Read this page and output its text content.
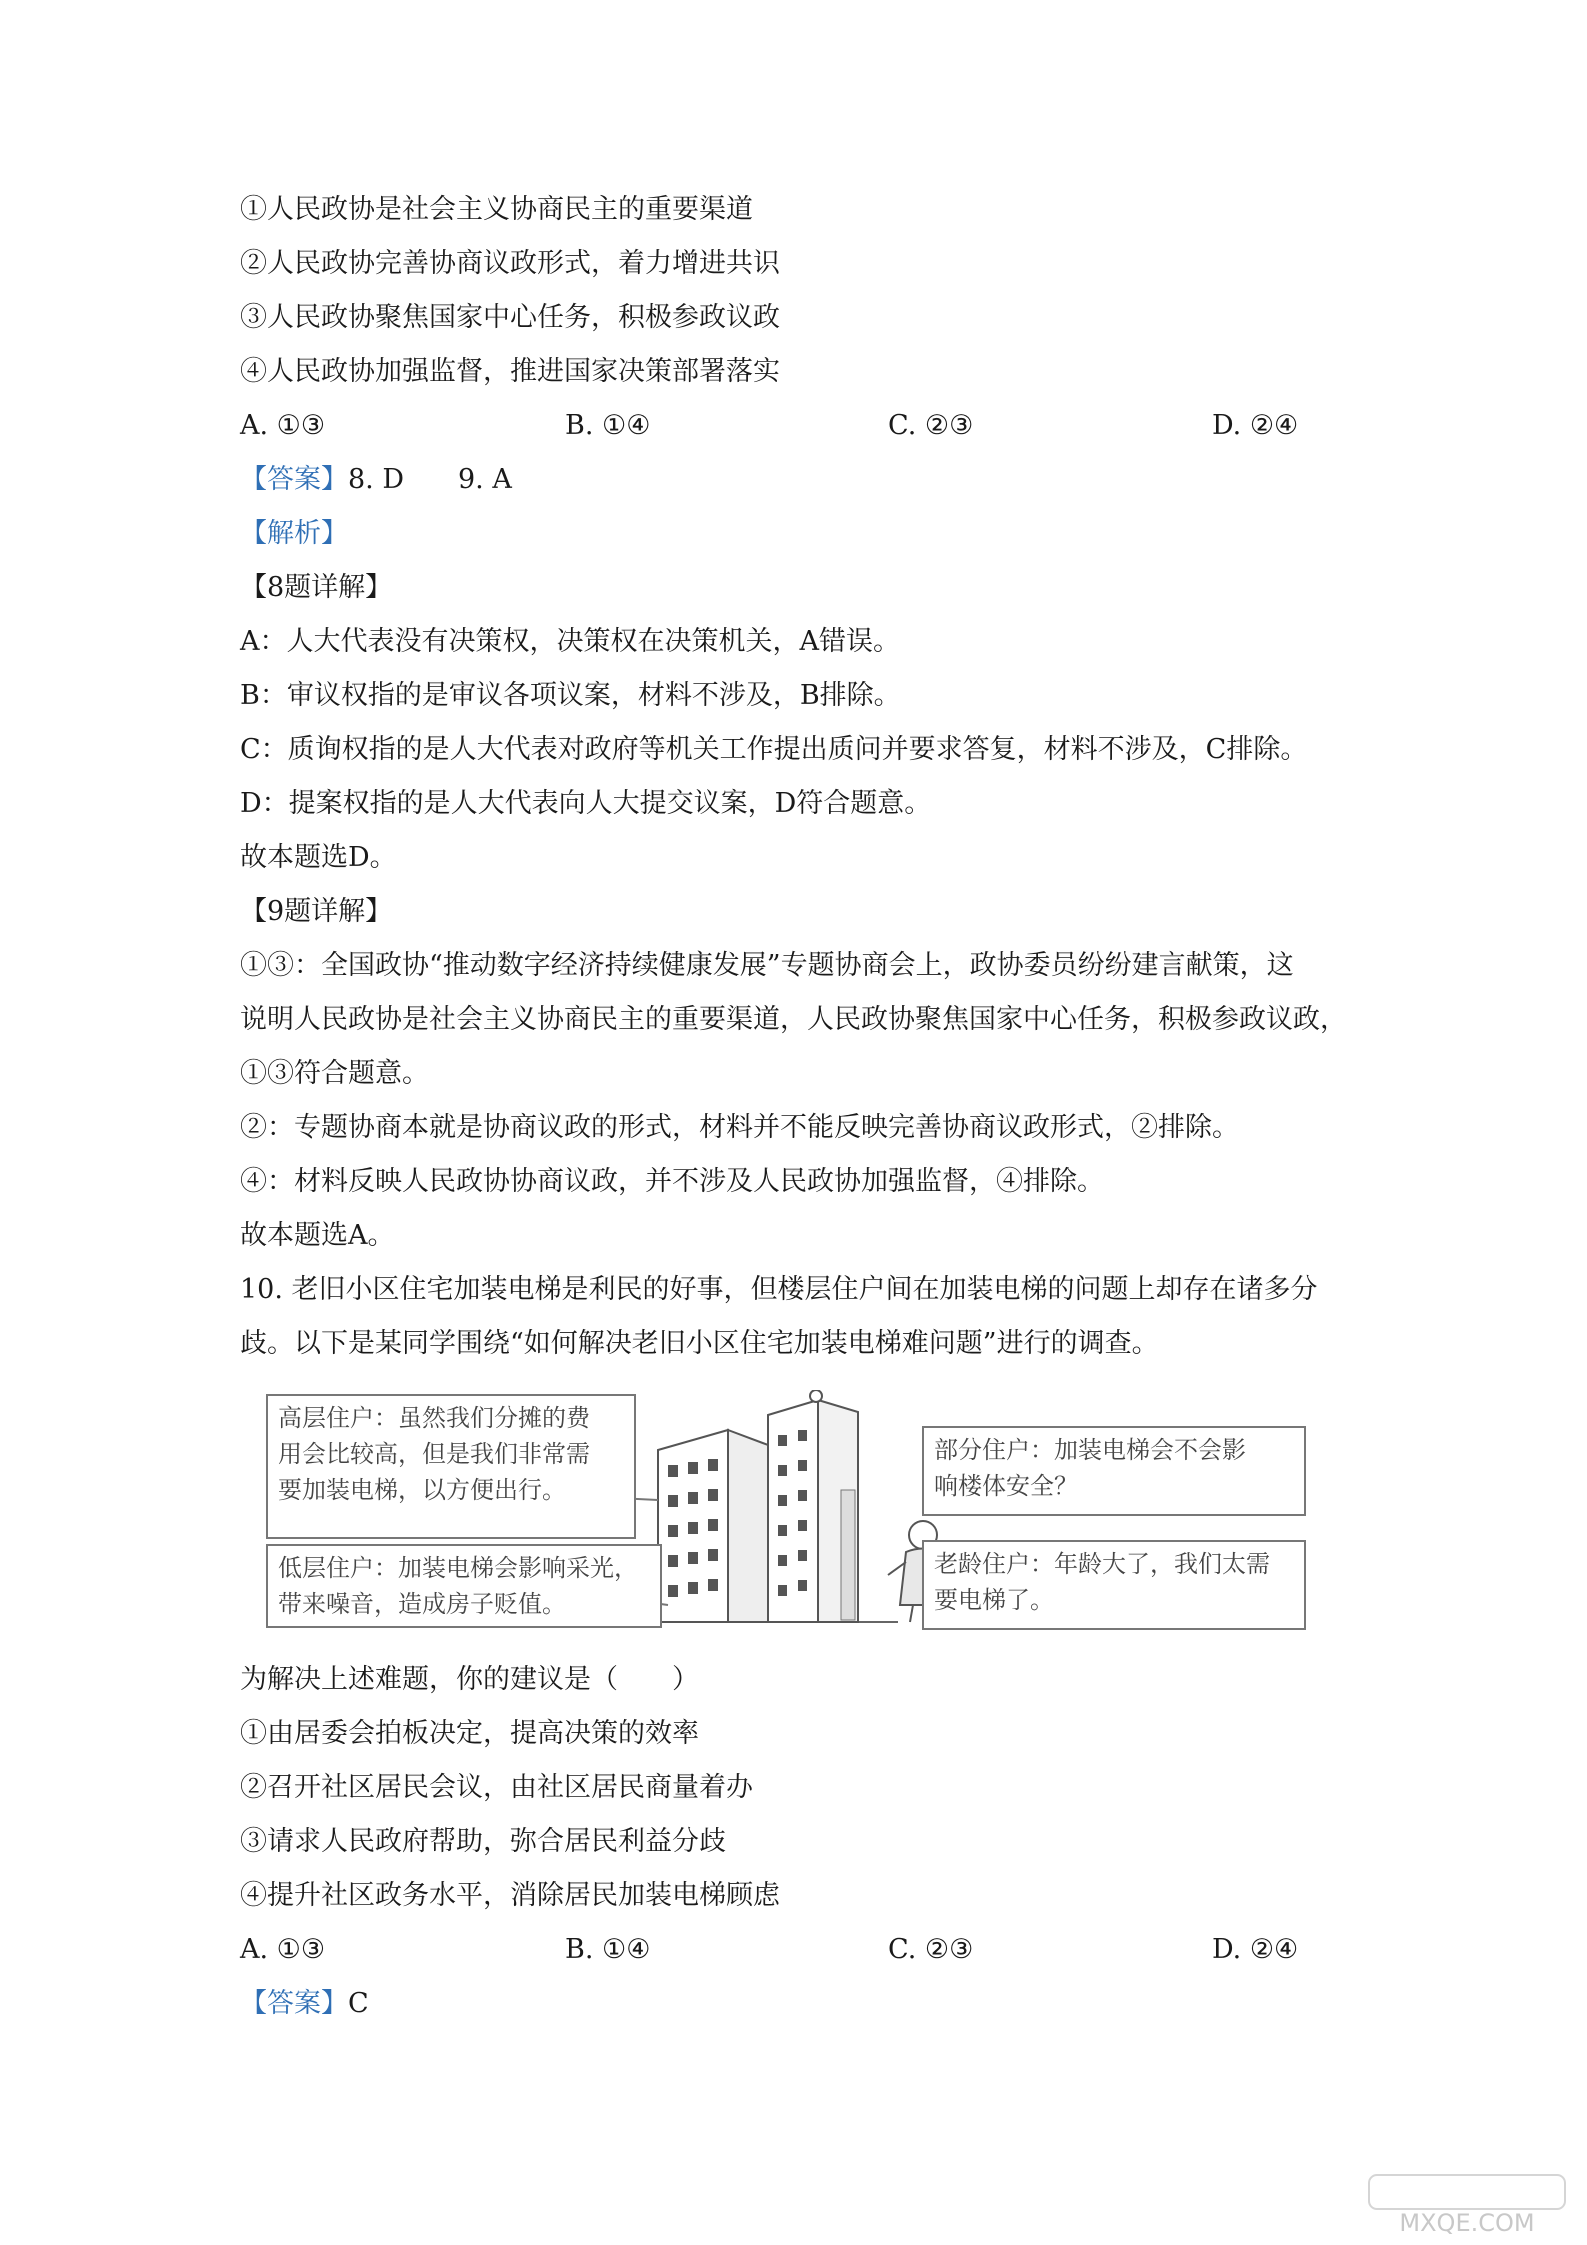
①人民政协是社会主义协商民主的重要渠道
②人民政协完善协商议政形式，着力增进共识
③人民政协聚焦国家中心任务，积极参政议政
④人民政协加强监督，推进国家决策部署落实
A. ①③	B. ①④	C. ②③	D. ②④
【答案】8. D　　9. A
【解析】
【8题详解】
A：人大代表没有决策权，决策权在决策机关，A错误。
B：审议权指的是审议各项议案，材料不涉及，B排除。
C：质询权指的是人大代表对政府等机关工作提出质问并要求答复，材料不涉及，C排除。
D：提案权指的是人大代表向人大提交议案，D符合题意。
故本题选D。
【9题详解】
①③：全国政协“推动数字经济持续健康发展”专题协商会上，政协委员纷纷建言献策，这
说明人民政协是社会主义协商民主的重要渠道，人民政协聚焦国家中心任务，积极参政议政，
①③符合题意。
②：专题协商本就是协商议政的形式，材料并不能反映完善协商议政形式，②排除。
④：材料反映人民政协协商议政，并不涉及人民政协加强监督，④排除。
故本题选A。
10. 老旧小区住宅加装电梯是利民的好事，但楼层住户间在加装电梯的问题上却存在诸多分
歧。以下是某同学围绕“如何解决老旧小区住宅加装电梯难问题”进行的调查。
高层住户：虽然我们分摊的费
用会比较高，但是我们非常需
要加装电梯，以方便出行。
低层住户：加装电梯会影响采光，
带来噪音，造成房子贬值。
部分住户：加装电梯会不会影
响楼体安全？
老龄住户：年龄大了，我们太需
要电梯了。
为解决上述难题，你的建议是（　　）
①由居委会拍板决定，提高决策的效率
②召开社区居民会议，由社区居民商量着办
③请求人民政府帮助，弥合居民利益分歧
④提升社区政务水平，消除居民加装电梯顾虑
A. ①③	B. ①④	C. ②③	D. ②④
【答案】C
MXQE.COM
